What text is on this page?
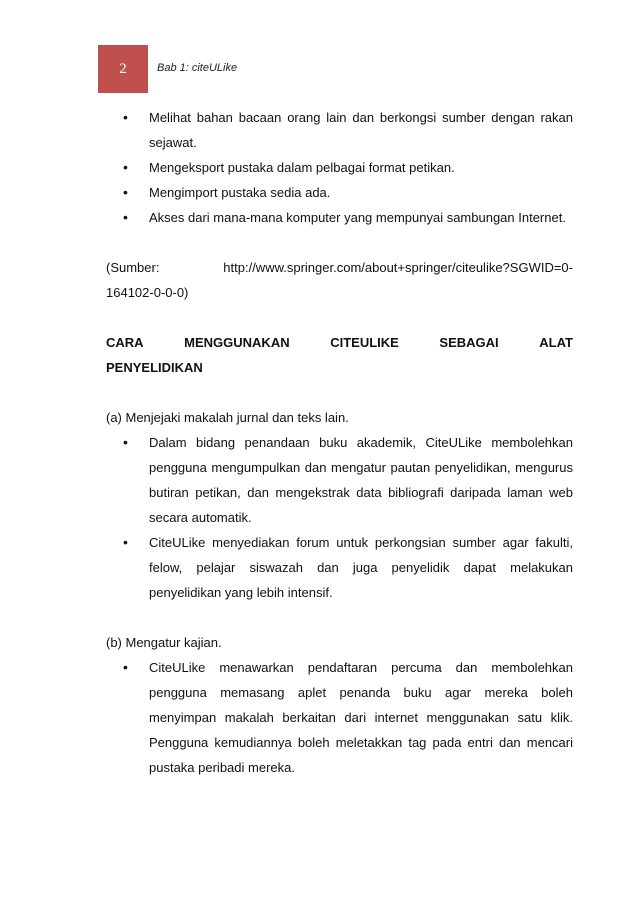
2	Bab 1: citeULike
• Melihat bahan bacaan orang lain dan berkongsi sumber dengan rakan sejawat.
• Mengeksport pustaka dalam pelbagai format petikan.
• Mengimport pustaka sedia ada.
• Akses dari mana-mana komputer yang mempunyai sambungan Internet.
(Sumber:	http://www.springer.com/about+springer/citeulike?SGWID=0-
164102-0-0-0)
CARA	MENGGUNAKAN	CITEULIKE	SEBAGAI	ALAT
PENYELIDIKAN

(a) Menjejaki makalah jurnal dan teks lain.

• Dalam bidang penandaan buku akademik, CiteULike membolehkan pengguna mengumpulkan dan mengatur pautan penyelidikan, mengurus butiran petikan, dan mengekstrak data bibliografi daripada laman web secara automatik.
• CiteULike menyediakan forum untuk perkongsian sumber agar fakulti, felow, pelajar siswazah dan juga penyelidik dapat melakukan penyelidikan yang lebih intensif.

(b) Mengatur kajian.

• CiteULike menawarkan pendaftaran percuma dan membolehkan pengguna memasang aplet penanda buku agar mereka boleh menyimpan makalah berkaitan dari internet menggunakan satu klik. Pengguna kemudiannya boleh meletakkan tag pada entri dan mencari pustaka peribadi mereka.
